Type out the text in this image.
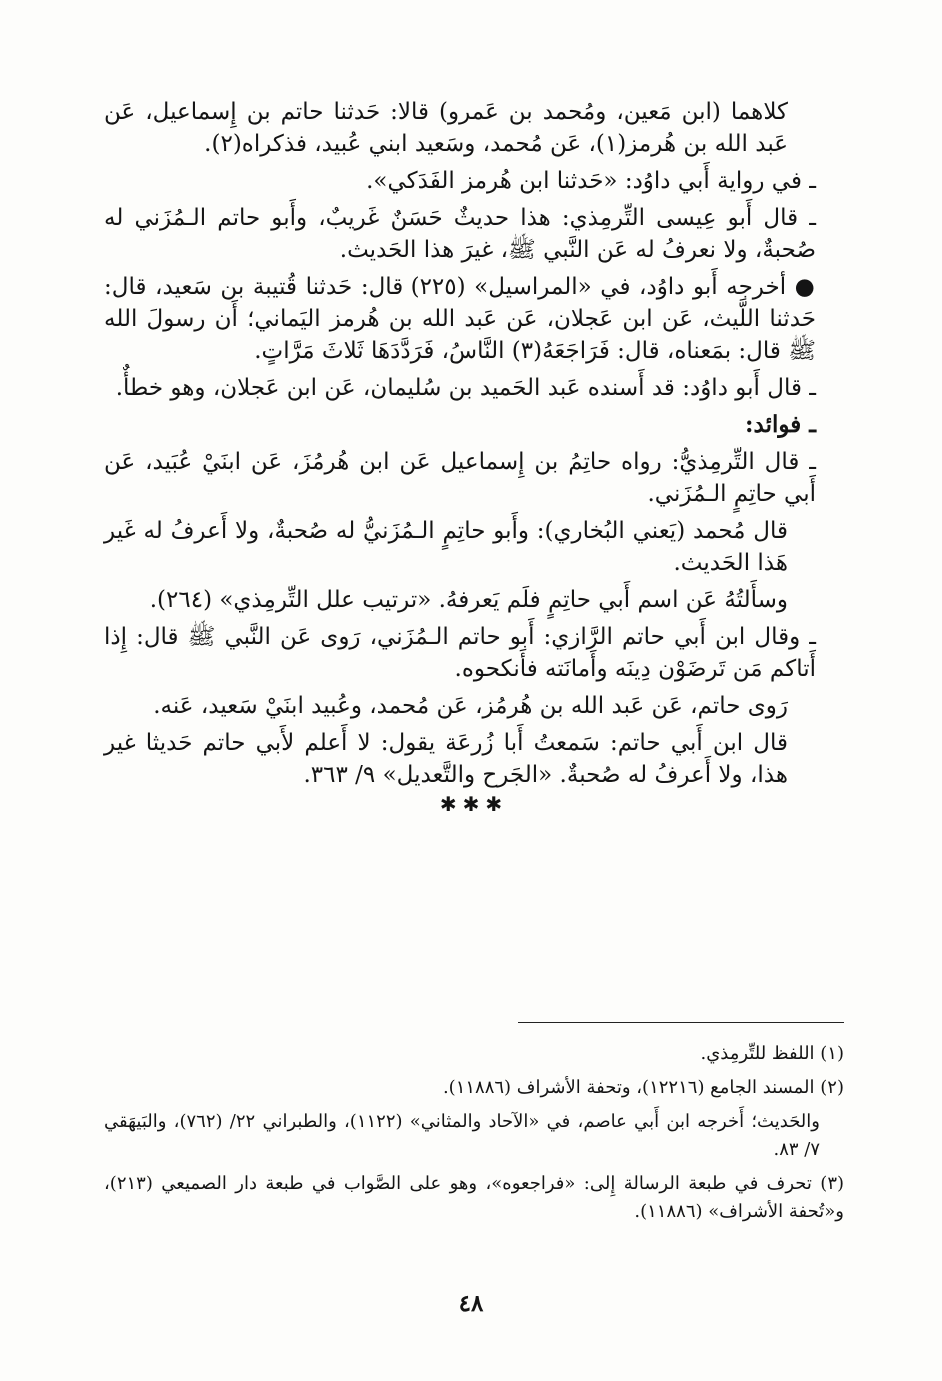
كلاهما (ابن مَعين، ومُحمد بن عَمرو) قالا: حَدثنا حاتم بن إِسماعيل، عَن عَبد الله بن هُرمز(١)، عَن مُحمد، وسَعيد ابني عُبيد، فذكراه(٢).

ـ في رواية أَبي داوُد: «حَدثنا ابن هُرمز الفَدَكي».

ـ قال أَبو عِيسى التِّرمِذي: هذا حديثٌ حَسَنٌ غَريبٌ، وأَبو حاتم الـمُزَني له صُحبةٌ، ولا نعرفُ له عَن النَّبي ﷺ، غيرَ هذا الحَديث.

● أخرجه أَبو داوُد، في «المراسيل» (٢٢٥) قال: حَدثنا قُتيبة بن سَعيد، قال: حَدثنا اللَّيث، عَن ابن عَجلان، عَن عَبد الله بن هُرمز اليَماني؛ أَن رسولَ الله ﷺ قال: بمَعناه، قال: فَرَاجَعَهُ(٣) النَّاسُ، فَرَدَّدَهَا ثَلاثَ مَرَّاتٍ.

ـ قال أَبو داوُد: قد أَسنده عَبد الحَميد بن سُليمان، عَن ابن عَجلان، وهو خطأٌ.

ـ فوائد:

ـ قال التِّرمِذيُّ: رواه حاتِمُ بن إِسماعيل عَن ابن هُرمُزَ، عَن ابنَيْ عُبَيد، عَن أَبي حاتِمٍ الـمُزَني.

قال مُحمد (يَعني البُخاري): وأَبو حاتِمٍ الـمُزَنيُّ له صُحبةٌ، ولا أَعرفُ له غَير هَذا الحَديث.

وسأَلتُهُ عَن اسم أَبي حاتِمٍ فلَم يَعرفهُ. «ترتيب علل التِّرمِذي» (٢٦٤).

ـ وقال ابن أَبي حاتم الرَّازي: أَبو حاتم الـمُزَني، رَوى عَن النَّبي ﷺ قال: إِذا أَتاكم مَن تَرضَوْن دِينَه وأَمانَته فأَنكحوه.

رَوى حاتم، عَن عَبد الله بن هُرمُز، عَن مُحمد، وعُبيد ابنَيْ سَعيد، عَنه.

قال ابن أَبي حاتم: سَمعتُ أَبا زُرعَة يقول: لا أَعلم لأَبي حاتم حَديثا غير هذا، ولا أَعرفُ له صُحبةٌ. «الجَرح والتَّعديل» ٩/ ٣٦٣.

✱✱✱

(١) اللفظ للتِّرمِذي.

(٢) المسند الجامع (١٢٢١٦)، وتحفة الأشراف (١١٨٨٦).

والحَديث؛ أَخرجه ابن أَبي عاصم، في «الآحاد والمثاني» (١١٢٢)، والطبراني ٢٢/ (٧٦٢)، والبَيهَقي ٧/ ٨٣.

(٣) تحرف في طبعة الرسالة إِلى: «فراجعوه»، وهو على الصَّواب في طبعة دار الصميعي (٢١٣)، و«تُحفة الأشراف» (١١٨٨٦).

٤٨
